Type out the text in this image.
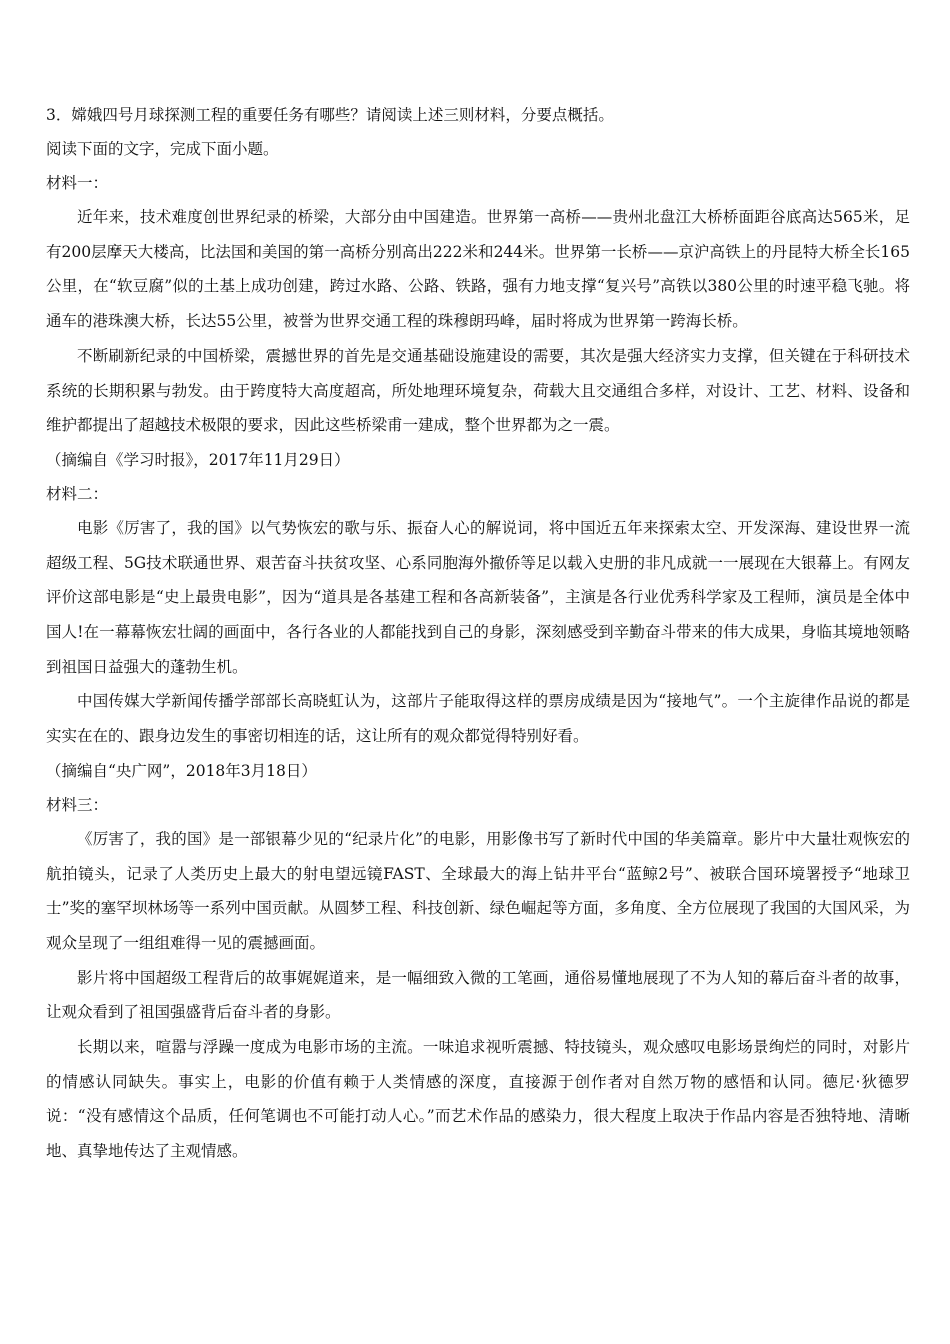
3．嫦娥四号月球探测工程的重要任务有哪些？请阅读上述三则材料，分要点概括。
阅读下面的文字，完成下面小题。
材料一：

近年来，技术难度创世界纪录的桥梁，大部分由中国建造。世界第一高桥——贵州北盘江大桥桥面距谷底高达565米，足有200层摩天大楼高，比法国和美国的第一高桥分别高出222米和244米。世界第一长桥——京沪高铁上的丹昆特大桥全长165公里，在“软豆腐”似的土基上成功创建，跨过水路、公路、铁路，强有力地支撑“复兴号”高铁以380公里的时速平稳飞驰。将通车的港珠澳大桥，长达55公里，被誉为世界交通工程的珠穆朗玛峰，届时将成为世界第一跨海长桥。

不断刷新纪录的中国桥梁，震撼世界的首先是交通基础设施建设的需要，其次是强大经济实力支撑，但关键在于科研技术系统的长期积累与勃发。由于跨度特大高度超高，所处地理环境复杂，荷载大且交通组合多样，对设计、工艺、材料、设备和维护都提出了超越技术极限的要求，因此这些桥梁甫一建成，整个世界都为之一震。

（摘编自《学习时报》，2017年11月29日）
材料二：

电影《厉害了，我的国》以气势恢宏的歌与乐、振奋人心的解说词，将中国近五年来探索太空、开发深海、建设世界一流超级工程、5G技术联通世界、艰苦奋斗扶贫攻坚、心系同胞海外撤侨等足以载入史册的非凡成就一一展现在大银幕上。有网友评价这部电影是“史上最贵电影”，因为“道具是各基建工程和各高新装备”，主演是各行业优秀科学家及工程师，演员是全体中国人!在一幕幕恢宏壮阔的画面中，各行各业的人都能找到自己的身影，深刻感受到辛勤奋斗带来的伟大成果，身临其境地领略到祖国日益强大的蓬勃生机。

中国传媒大学新闻传播学部部长高晓虹认为，这部片子能取得这样的票房成绩是因为“接地气”。一个主旋律作品说的都是实实在在的、跟身边发生的事密切相连的话，这让所有的观众都觉得特别好看。

（摘编自“央广网”，2018年3月18日）
材料三：

《厉害了，我的国》是一部银幕少见的“纪录片化”的电影，用影像书写了新时代中国的华美篇章。影片中大量壮观恢宏的航拍镜头，记录了人类历史上最大的射电望远镜FAST、全球最大的海上钻井平台“蓝鲸2号”、被联合国环境署授予“地球卫士”奖的塞罕坝林场等一系列中国贡献。从圆梦工程、科技创新、绿色崛起等方面，多角度、全方位展现了我国的大国风采，为观众呈现了一组组难得一见的震撼画面。

影片将中国超级工程背后的故事娓娓道来，是一幅细致入微的工笔画，通俗易懂地展现了不为人知的幕后奋斗者的故事，让观众看到了祖国强盛背后奋斗者的身影。

长期以来，喧嚣与浮躁一度成为电影市场的主流。一味追求视听震撼、特技镜头，观众感叹电影场景绚烂的同时，对影片的情感认同缺失。事实上，电影的价值有赖于人类情感的深度，直接源于创作者对自然万物的感悟和认同。德尼·狄德罗说：“没有感情这个品质，任何笔调也不可能打动人心。”而艺术作品的感染力，很大程度上取决于作品内容是否独特地、清晰地、真挚地传达了主观情感。
